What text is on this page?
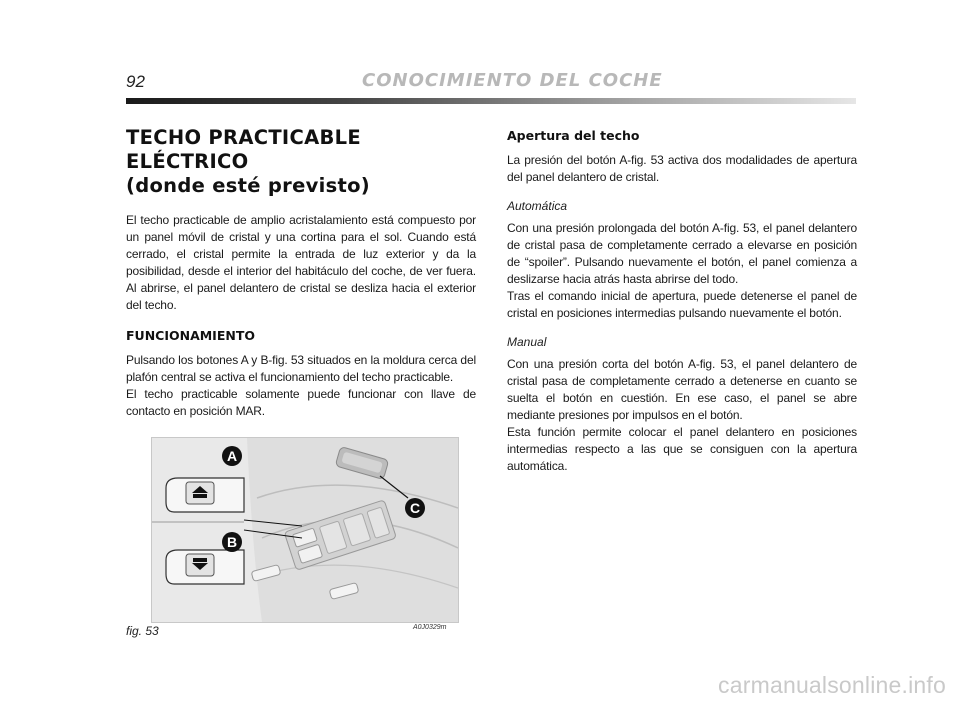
92	CONOCIMIENTO DEL COCHE
TECHO PRACTICABLE ELÉCTRICO
(donde esté previsto)

El techo practicable de amplio acristalamiento está compuesto por un panel móvil de cristal y una cortina para el sol. Cuando está cerrado, el cristal permite la entrada de luz exterior y da la posibilidad, desde el interior del habitáculo del coche, de ver fuera. Al abrirse, el panel delantero de cristal se desliza hacia el exterior del techo.

FUNCIONAMIENTO

Pulsando los botones A y B-fig. 53 situados en la moldura cerca del plafón central se activa el funcionamiento del techo practicable.

El techo practicable solamente puede funcionar con llave de contacto en posición MAR.

Apertura del techo

La presión del botón A-fig. 53 activa dos modalidades de apertura del panel delantero de cristal.

Automática

Con una presión prolongada del botón A-fig. 53, el panel delantero de cristal pasa de completamente cerrado a elevarse en posición de “spoiler”. Pulsando nuevamente el botón, el panel comienza a deslizarse hacia atrás hasta abrirse del todo.

Tras el comando inicial de apertura, puede detenerse el panel de cristal en posiciones intermedias pulsando nuevamente el botón.

Manual

Con una presión corta del botón A-fig. 53, el panel delantero de cristal pasa de completamente cerrado a detenerse en cuanto se suelta el botón en cuestión. En ese caso, el panel se abre mediante presiones por impulsos en el botón.

Esta función permite colocar el panel delantero en posiciones intermedias respecto a las que se consiguen con la apertura automática.

A
B
C
fig. 53	A0J0329m
carmanualsonline.info
